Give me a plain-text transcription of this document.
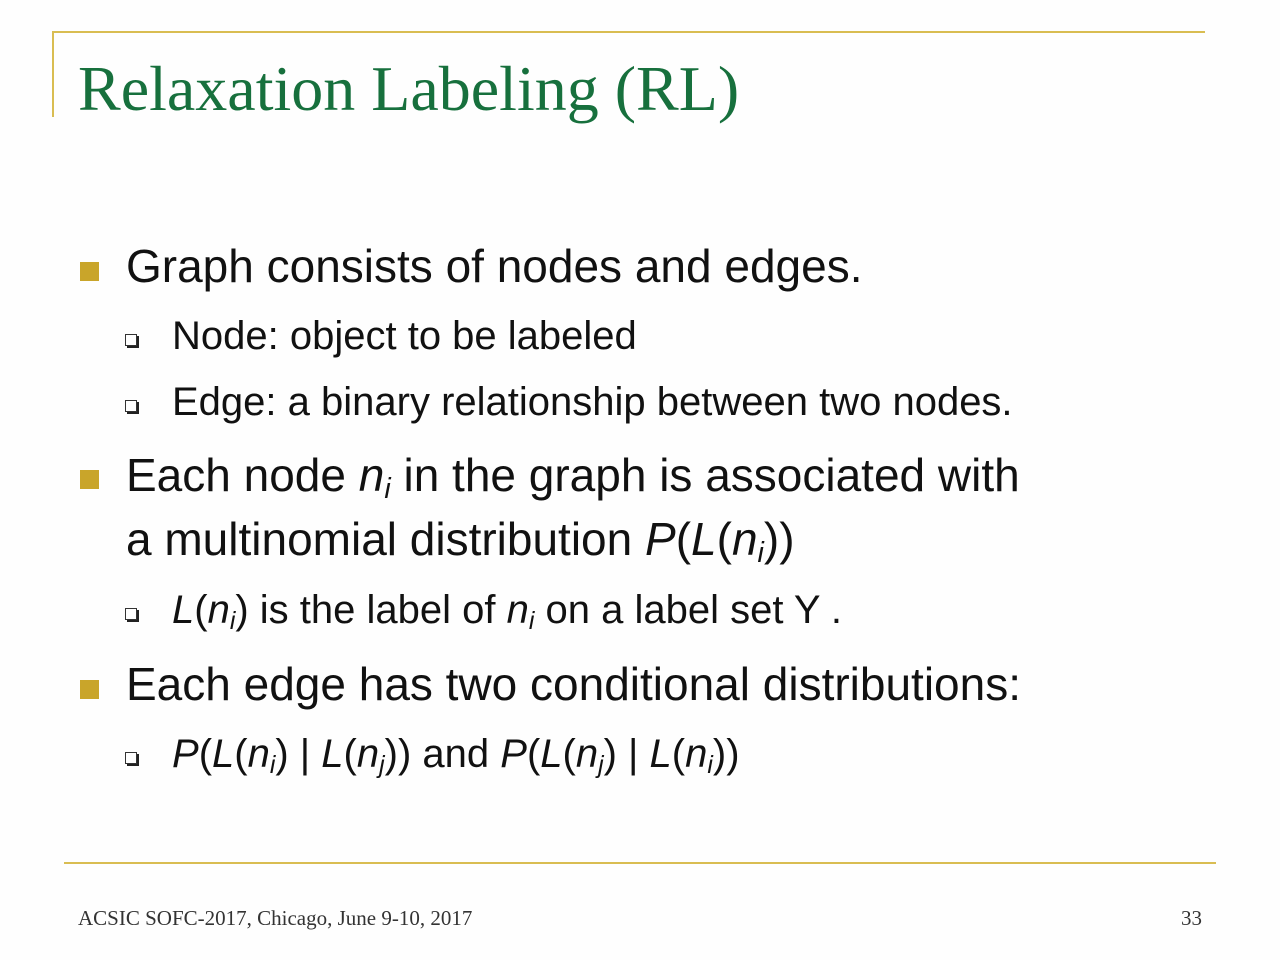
Relaxation Labeling (RL)
Graph consists of nodes and edges.
Node: object to be labeled
Edge: a binary relationship between two nodes.
Each node $n_i$ in the graph is associated with
a multinomial distribution $P(L(n_i))$
$L(n_i)$ is the label of $n_i$ on a label set Y .
Each edge has two conditional distributions:
$P(L(n_i)$ | $L(n_j)$) and $P(L(n_j)$ | $L(n_i)$)
ACSIC SOFC-2017, Chicago, June 9-10, 2017	33
